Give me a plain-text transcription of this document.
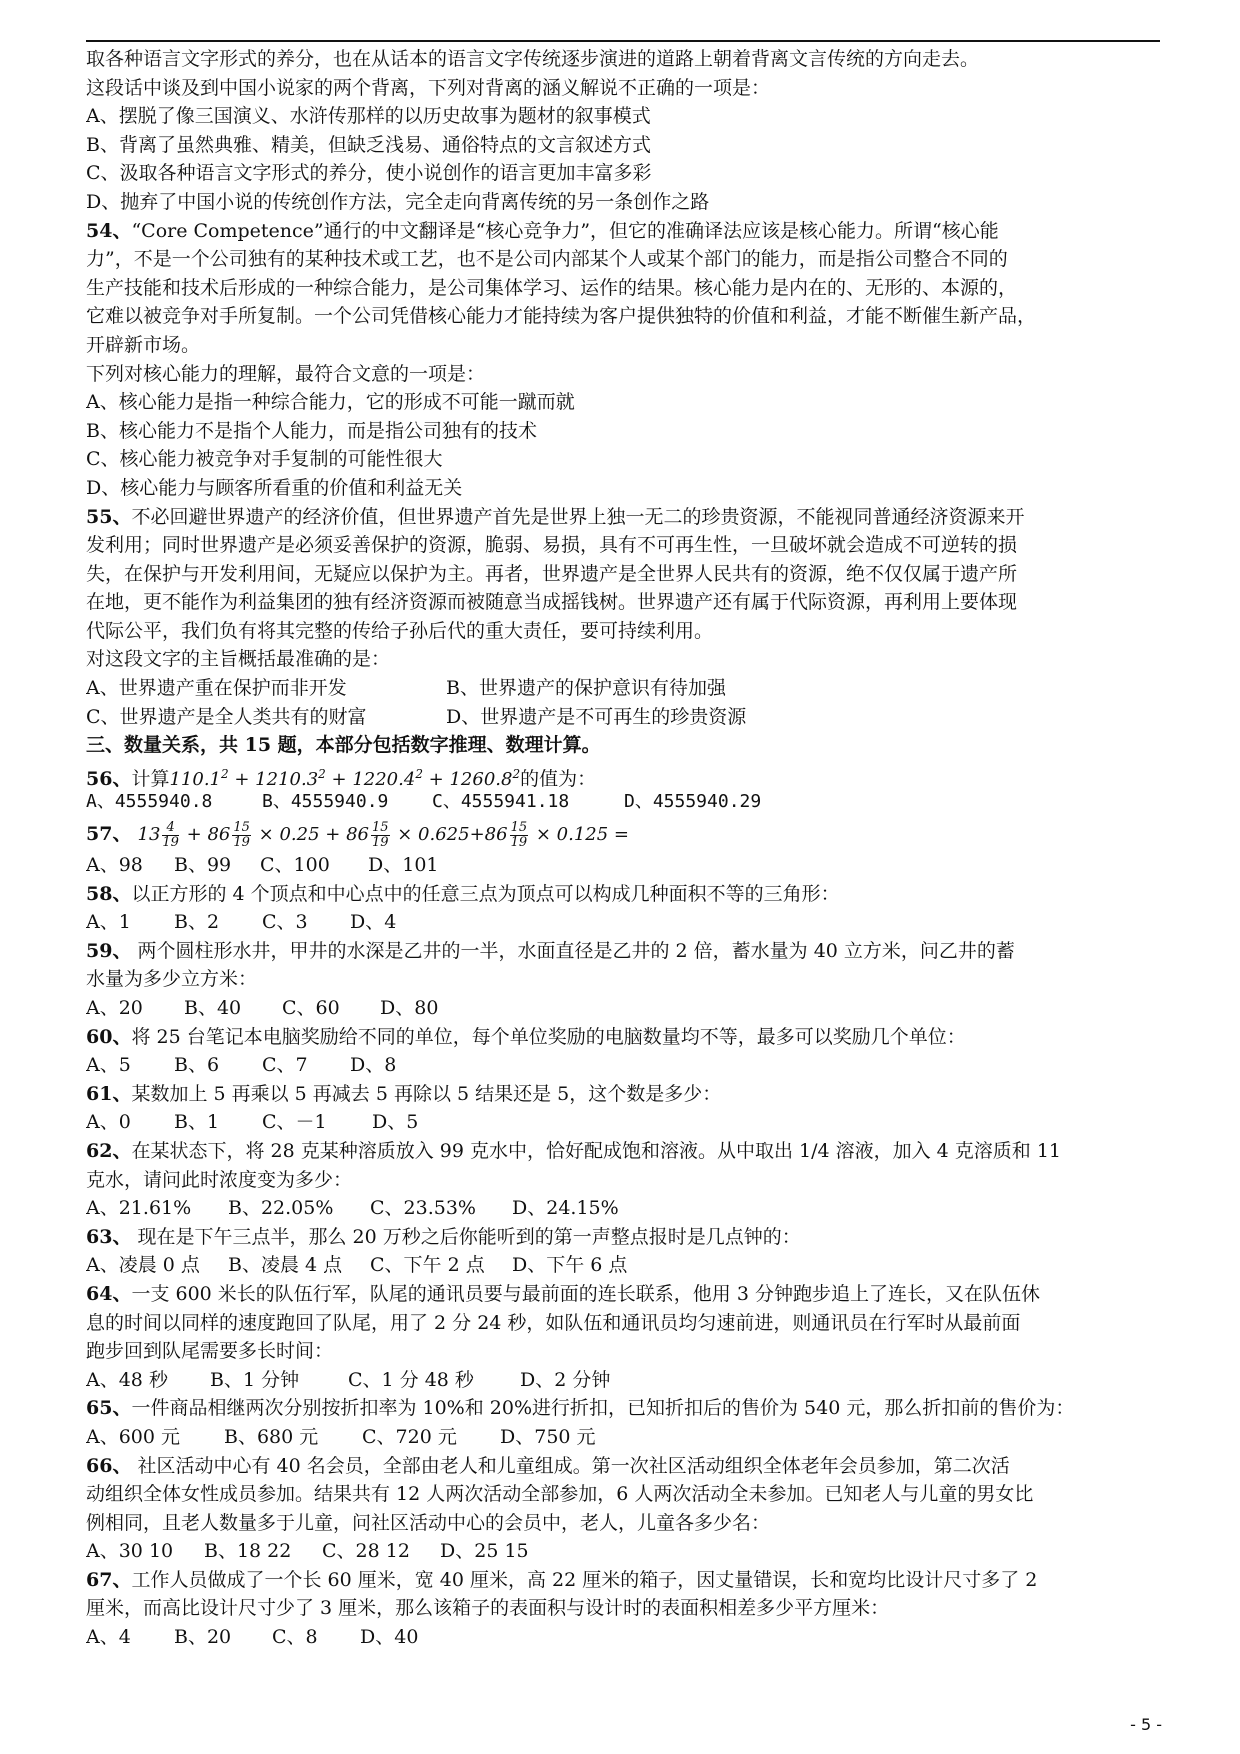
取各种语言文字形式的养分，也在从话本的语言文字传统逐步演进的道路上朝着背离文言传统的方向走去。
这段话中谈及到中国小说家的两个背离，下列对背离的涵义解说不正确的一项是：
A、摆脱了像三国演义、水浒传那样的以历史故事为题材的叙事模式
B、背离了虽然典雅、精美，但缺乏浅易、通俗特点的文言叙述方式
C、汲取各种语言文字形式的养分，使小说创作的语言更加丰富多彩
D、抛弃了中国小说的传统创作方法，完全走向背离传统的另一条创作之路
54、“Core Competence”通行的中文翻译是“核心竞争力”，但它的准确译法应该是核心能力。所谓“核心能
力”，不是一个公司独有的某种技术或工艺，也不是公司内部某个人或某个部门的能力，而是指公司整合不同的
生产技能和技术后形成的一种综合能力，是公司集体学习、运作的结果。核心能力是内在的、无形的、本源的，
它难以被竞争对手所复制。一个公司凭借核心能力才能持续为客户提供独特的价值和利益，才能不断催生新产品，
开辟新市场。
下列对核心能力的理解，最符合文意的一项是：
A、核心能力是指一种综合能力，它的形成不可能一蹴而就
B、核心能力不是指个人能力，而是指公司独有的技术
C、核心能力被竞争对手复制的可能性很大
D、核心能力与顾客所看重的价值和利益无关
55、不必回避世界遗产的经济价值，但世界遗产首先是世界上独一无二的珍贵资源，不能视同普通经济资源来开
发利用；同时世界遗产是必须妥善保护的资源，脆弱、易损，具有不可再生性，一旦破坏就会造成不可逆转的损
失，在保护与开发利用间，无疑应以保护为主。再者，世界遗产是全世界人民共有的资源，绝不仅仅属于遗产所
在地，更不能作为利益集团的独有经济资源而被随意当成摇钱树。世界遗产还有属于代际资源，再利用上要体现
代际公平，我们负有将其完整的传给子孙后代的重大责任，要可持续利用。
对这段文字的主旨概括最准确的是：
A、世界遗产重在保护而非开发	B、世界遗产的保护意识有待加强
C、世界遗产是全人类共有的财富	D、世界遗产是不可再生的珍贵资源
三、数量关系，共 15 题，本部分包括数字推理、数理计算。
56、计算$110.1^2 + 1210.3^2 + 1220.4^2 + 1260.8^2$的值为：
A、4555940.8	B、4555940.9 C、4555941.18	D、4555940.29
57、 $13 \frac{4}{19} + 86 \frac{15}{19} \times 0.25 + 86 \frac{15}{19} \times 0.625+86 \frac{15}{19} \times 0.125$ =
A、98 B、99 C、100 D、101
58、以正方形的 4 个顶点和中心点中的任意三点为顶点可以构成几种面积不等的三角形：
A、1 B、2 C、3 D、4
59、 两个圆柱形水井，甲井的水深是乙井的一半，水面直径是乙井的 2 倍，蓄水量为 40 立方米，问乙井的蓄
水量为多少立方米：
A、20 B、40 C、60 D、80
60、将 25 台笔记本电脑奖励给不同的单位，每个单位奖励的电脑数量均不等，最多可以奖励几个单位：
A、5 B、6 C、7 D、8
61、某数加上 5 再乘以 5 再减去 5 再除以 5 结果还是 5，这个数是多少：
A、0 B、1 C、－1 D、5
62、在某状态下，将 28 克某种溶质放入 99 克水中，恰好配成饱和溶液。从中取出 1/4 溶液，加入 4 克溶质和 11
克水，请问此时浓度变为多少：
A、21.61% B、22.05% C、23.53% D、24.15%
63、 现在是下午三点半，那么 20 万秒之后你能听到的第一声整点报时是几点钟的：
A、凌晨 0 点 B、凌晨 4 点 C、下午 2 点 D、下午 6 点
64、一支 600 米长的队伍行军，队尾的通讯员要与最前面的连长联系，他用 3 分钟跑步追上了连长，又在队伍休
息的时间以同样的速度跑回了队尾，用了 2 分 24 秒，如队伍和通讯员均匀速前进，则通讯员在行军时从最前面
跑步回到队尾需要多长时间：
A、48 秒 B、1 分钟	C、1 分 48 秒 D、2 分钟
65、一件商品相继两次分别按折扣率为 10%和 20%进行折扣，已知折扣后的售价为 540 元，那么折扣前的售价为：
A、600 元 B、680 元 C、720 元 D、750 元
66、 社区活动中心有 40 名会员，全部由老人和儿童组成。第一次社区活动组织全体老年会员参加，第二次活
动组织全体女性成员参加。结果共有 12 人两次活动全部参加，6 人两次活动全未参加。已知老人与儿童的男女比
例相同，且老人数量多于儿童，问社区活动中心的会员中，老人，儿童各多少名：
A、30 10 B、18 22 C、28 12 D、25 15
67、工作人员做成了一个长 60 厘米，宽 40 厘米，高 22 厘米的箱子，因丈量错误，长和宽均比设计尺寸多了 2
厘米，而高比设计尺寸少了 3 厘米，那么该箱子的表面积与设计时的表面积相差多少平方厘米：
A、4 B、20 C、8 D、40
- 5 -
